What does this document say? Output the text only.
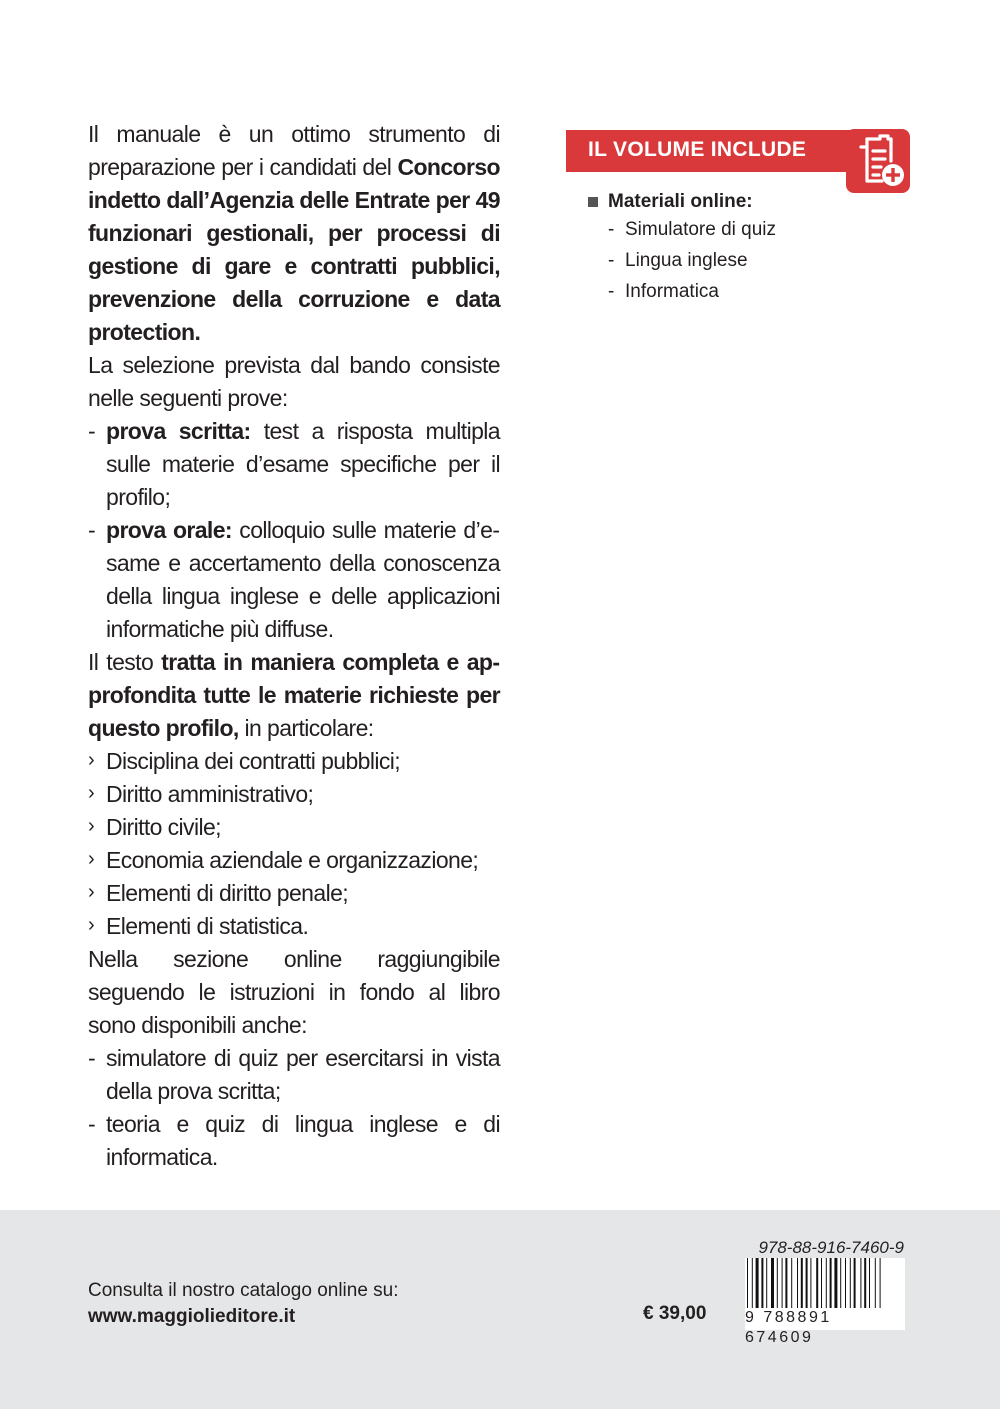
Il manuale è un ottimo strumento di preparazione per i candidati del Concorso indetto dall’Agenzia delle Entrate per 49 funzionari gestionali, per processi di gestione di gare e contratti pubblici, prevenzione della corruzione e data protection.

La selezione prevista dal bando consiste nelle seguenti prove:

- prova scritta: test a risposta multipla sulle materie d’esame specifiche per il profilo;
- prova orale: colloquio sulle materie d’esame e accertamento della conoscenza della lingua inglese e delle applicazioni informatiche più diffuse.

Il testo tratta in maniera completa e approfondita tutte le materie richieste per questo profilo, in particolare:

› Disciplina dei contratti pubblici;
› Diritto amministrativo;
› Diritto civile;
› Economia aziendale e organizzazione;
› Elementi di diritto penale;
› Elementi di statistica.

Nella sezione online raggiungibile seguendo le istruzioni in fondo al libro sono disponibili anche:

- simulatore di quiz per esercitarsi in vista della prova scritta;
- teoria e quiz di lingua inglese e di informatica.
IL VOLUME INCLUDE
Materiali online:
- Simulatore di quiz
- Lingua inglese
- Informatica
Consulta il nostro catalogo online su:
www.maggiolieditore.it	€ 39,00
978-88-916-7460-9
9 788891 674609
